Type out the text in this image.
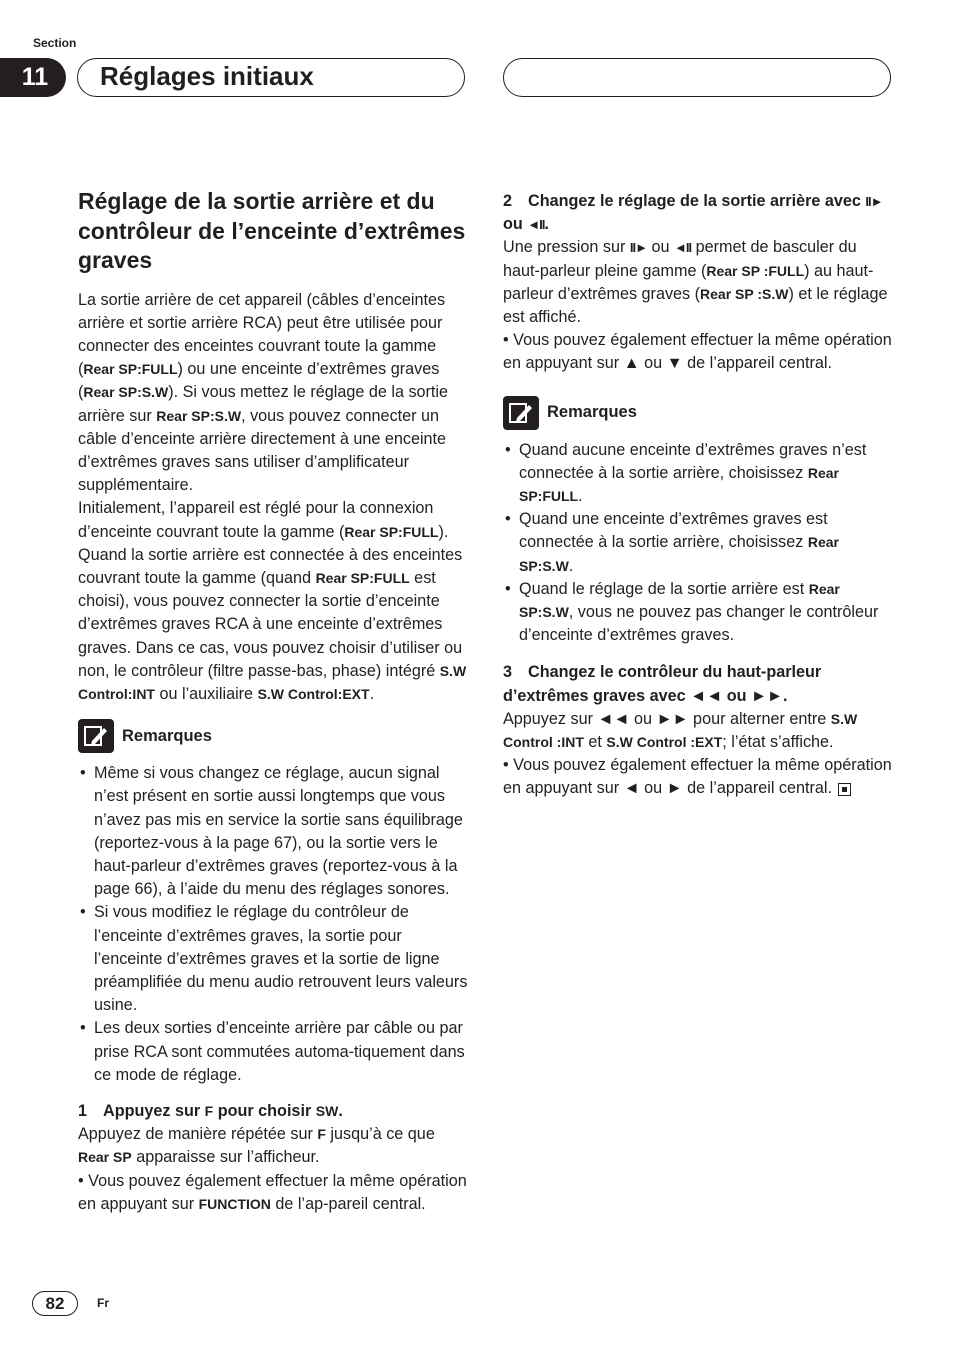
Section
11	Réglages initiaux
Réglage de la sortie arrière et du contrôleur de l’enceinte d’extrêmes graves

La sortie arrière de cet appareil (câbles d’enceintes arrière et sortie arrière RCA) peut être utilisée pour connecter des enceintes couvrant toute la gamme (Rear SP:FULL) ou une enceinte d’extrêmes graves (Rear SP:S.W). Si vous mettez le réglage de la sortie arrière sur Rear SP:S.W, vous pouvez connecter un câble d’enceinte arrière directement à une enceinte d’extrêmes graves sans utiliser d’amplificateur supplémentaire.

Initialement, l’appareil est réglé pour la connexion d’enceinte couvrant toute la gamme (Rear SP:FULL). Quand la sortie arrière est connectée à des enceintes couvrant toute la gamme (quand Rear SP:FULL est choisi), vous pouvez connecter la sortie d’enceinte d’extrêmes graves RCA à une enceinte d’extrêmes graves. Dans ce cas, vous pouvez choisir d’utiliser ou non, le contrôleur (filtre passe-bas, phase) intégré S.W Control:INT ou l’auxiliaire S.W Control:EXT.

Remarques
• Même si vous changez ce réglage, aucun signal n’est présent en sortie aussi longtemps que vous n’avez pas mis en service la sortie sans équilibrage (reportez-vous à la page 67), ou la sortie vers le haut-parleur d’extrêmes graves (reportez-vous à la page 66), à l’aide du menu des réglages sonores.
• Si vous modifiez le réglage du contrôleur de l’enceinte d’extrêmes graves, la sortie pour l’enceinte d’extrêmes graves et la sortie de ligne préamplifiée du menu audio retrouvent leurs valeurs usine.
• Les deux sorties d’enceinte arrière par câble ou par prise RCA sont commutées automa-tiquement dans ce mode de réglage.

1 Appuyez sur F pour choisir SW.

Appuyez de manière répétée sur F jusqu’à ce que Rear SP apparaisse sur l’afficheur.

• Vous pouvez également effectuer la même opération en appuyant sur FUNCTION de l’ap-pareil central.

2 Changez le réglage de la sortie arrière avec II► ou ◄II.

Une pression sur II► ou ◄II permet de basculer du haut-parleur pleine gamme (Rear SP :FULL) au haut-parleur d’extrêmes graves (Rear SP :S.W) et le réglage est affiché.

• Vous pouvez également effectuer la même opération en appuyant sur ▲ ou ▼ de l’appareil central.

Remarques
• Quand aucune enceinte d’extrêmes graves n’est connectée à la sortie arrière, choisissez Rear SP:FULL.
• Quand une enceinte d’extrêmes graves est connectée à la sortie arrière, choisissez Rear SP:S.W.
• Quand le réglage de la sortie arrière est Rear SP:S.W, vous ne pouvez pas changer le contrôleur d’enceinte d’extrêmes graves.

3 Changez le contrôleur du haut-parleur d’extrêmes graves avec ◄◄ ou ►►.

Appuyez sur ◄◄ ou ►► pour alterner entre S.W Control :INT et S.W Control :EXT; l’état s’affiche.

• Vous pouvez également effectuer la même opération en appuyant sur ◄ ou ► de l’appareil central.

82	Fr
